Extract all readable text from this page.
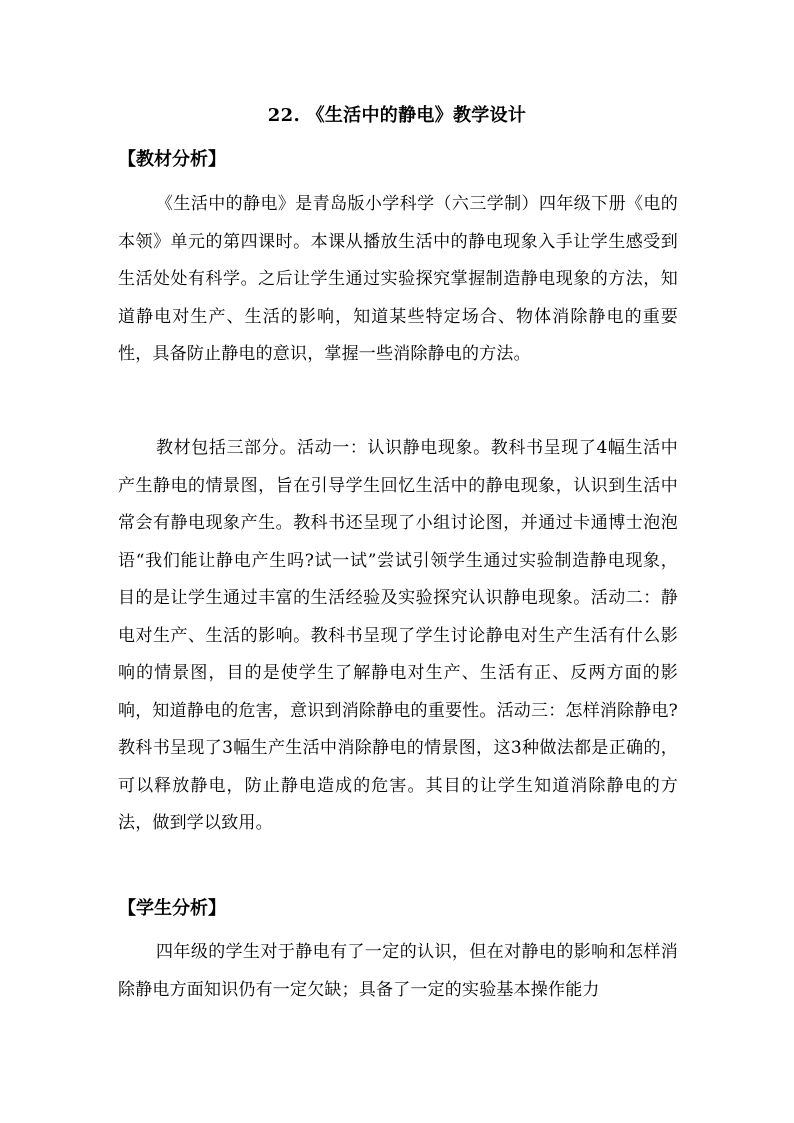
22. 《生活中的静电》教学设计
【教材分析】
《生活中的静电》是青岛版小学科学（六三学制）四年级下册《电的本领》单元的第四课时。本课从播放生活中的静电现象入手让学生感受到生活处处有科学。之后让学生通过实验探究掌握制造静电现象的方法，知道静电对生产、生活的影响，知道某些特定场合、物体消除静电的重要性，具备防止静电的意识，掌握一些消除静电的方法。
教材包括三部分。活动一：认识静电现象。教科书呈现了4幅生活中产生静电的情景图，旨在引导学生回忆生活中的静电现象，认识到生活中常会有静电现象产生。教科书还呈现了小组讨论图，并通过卡通博士泡泡语“我们能让静电产生吗?试一试”尝试引领学生通过实验制造静电现象，目的是让学生通过丰富的生活经验及实验探究认识静电现象。活动二：静电对生产、生活的影响。教科书呈现了学生讨论静电对生产生活有什么影响的情景图，目的是使学生了解静电对生产、生活有正、反两方面的影响，知道静电的危害，意识到消除静电的重要性。活动三：怎样消除静电?教科书呈现了3幅生产生活中消除静电的情景图，这3种做法都是正确的，可以释放静电，防止静电造成的危害。其目的让学生知道消除静电的方法，做到学以致用。
【学生分析】
四年级的学生对于静电有了一定的认识，但在对静电的影响和怎样消除静电方面知识仍有一定欠缺；具备了一定的实验基本操作能力
